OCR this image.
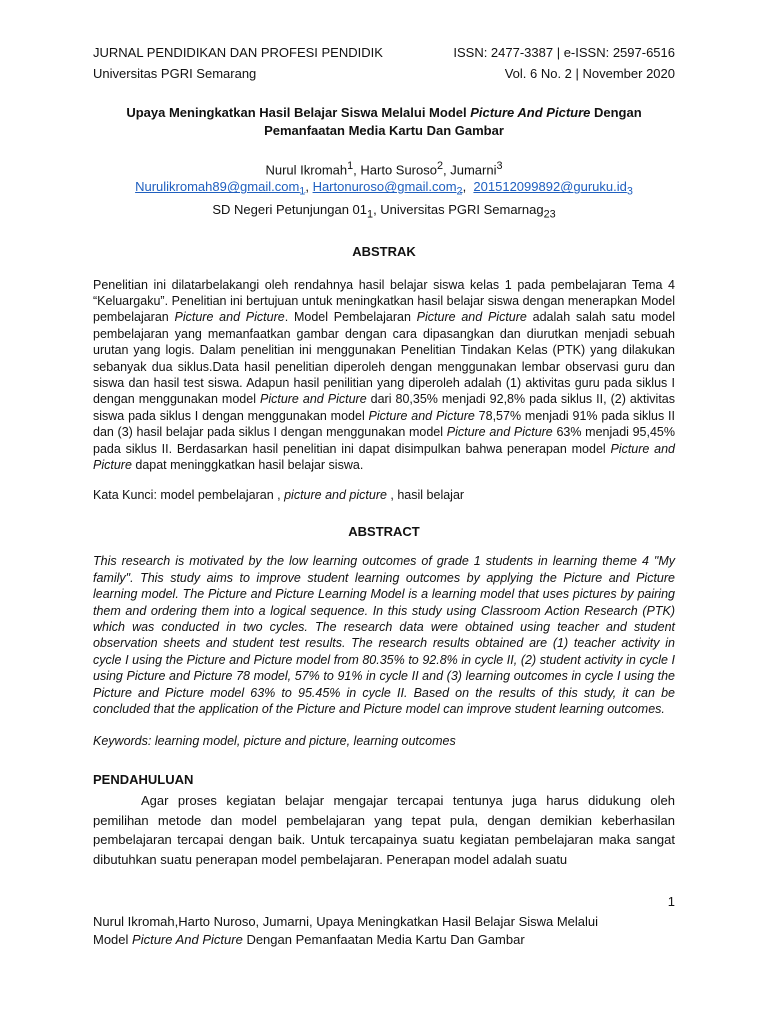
JURNAL PENDIDIKAN DAN PROFESI PENDIDIK	ISSN: 2477-3387 | e-ISSN: 2597-6516
Universitas PGRI Semarang	Vol. 6 No. 2 | November 2020
Upaya Meningkatkan Hasil Belajar Siswa Melalui Model Picture And Picture Dengan
Pemanfaatan Media Kartu Dan Gambar
Nurul Ikromah$^1$, Harto Suroso$^2$, Jumarni$^3$
Nurulikromah89@gmail.com$_1$, Hartonuroso@gmail.com$_2$,  $201512099892@guruku.id_3$
SD Negeri Petunjungan $01_1$, Universitas PGRI Semarnag$_{23}$
ABSTRAK
Penelitian ini dilatarbelakangi oleh rendahnya hasil belajar siswa kelas 1 pada pembelajaran Tema 4 “Keluargaku”. Penelitian ini bertujuan untuk meningkatkan hasil belajar siswa dengan menerapkan Model pembelajaran Picture and Picture. Model Pembelajaran Picture and Picture adalah salah satu model pembelajaran yang memanfaatkan gambar dengan cara dipasangkan dan diurutkan menjadi sebuah urutan yang logis. Dalam penelitian ini menggunakan Penelitian Tindakan Kelas (PTK) yang dilakukan sebanyak dua siklus.Data hasil penelitian diperoleh dengan menggunakan lembar observasi guru dan siswa dan hasil test siswa. Adapun hasil penilitian yang diperoleh adalah (1) aktivitas guru pada siklus I dengan menggunakan model Picture and Picture dari 80,35% menjadi 92,8% pada siklus II, (2) aktivitas siswa pada siklus I dengan menggunakan model Picture and Picture 78,57% menjadi 91% pada siklus II dan (3) hasil belajar pada siklus I dengan menggunakan model Picture and Picture 63% menjadi 95,45% pada siklus II. Berdasarkan hasil penelitian ini dapat disimpulkan bahwa penerapan model Picture and Picture dapat meninggkatkan hasil belajar siswa.
Kata Kunci: model pembelajaran , picture and picture , hasil belajar
ABSTRACT
This research is motivated by the low learning outcomes of grade 1 students in learning theme 4 "My family". This study aims to improve student learning outcomes by applying the Picture and Picture learning model. The Picture and Picture Learning Model is a learning model that uses pictures by pairing them and ordering them into a logical sequence. In this study using Classroom Action Research (PTK) which was conducted in two cycles. The research data were obtained using teacher and student observation sheets and student test results. The research results obtained are (1) teacher activity in cycle I using the Picture and Picture model from 80.35% to 92.8% in cycle II, (2) student activity in cycle I using Picture and Picture 78 model, 57% to 91% in cycle II and (3) learning outcomes in cycle I using the Picture and Picture model 63% to 95.45% in cycle II. Based on the results of this study, it can be concluded that the application of the Picture and Picture model can improve student learning outcomes.
Keywords: learning model, picture and picture, learning outcomes
PENDAHULUAN
Agar proses kegiatan belajar mengajar tercapai tentunya juga harus didukung oleh pemilihan metode dan model pembelajaran yang tepat pula, dengan demikian keberhasilan pembelajaran tercapai dengan baik. Untuk tercapainya suatu kegiatan pembelajaran maka sangat dibutuhkan suatu penerapan model pembelajaran. Penerapan model adalah suatu
1
Nurul Ikromah,Harto Nuroso, Jumarni, Upaya Meningkatkan Hasil Belajar Siswa Melalui
Model Picture And Picture Dengan Pemanfaatan Media Kartu Dan Gambar
